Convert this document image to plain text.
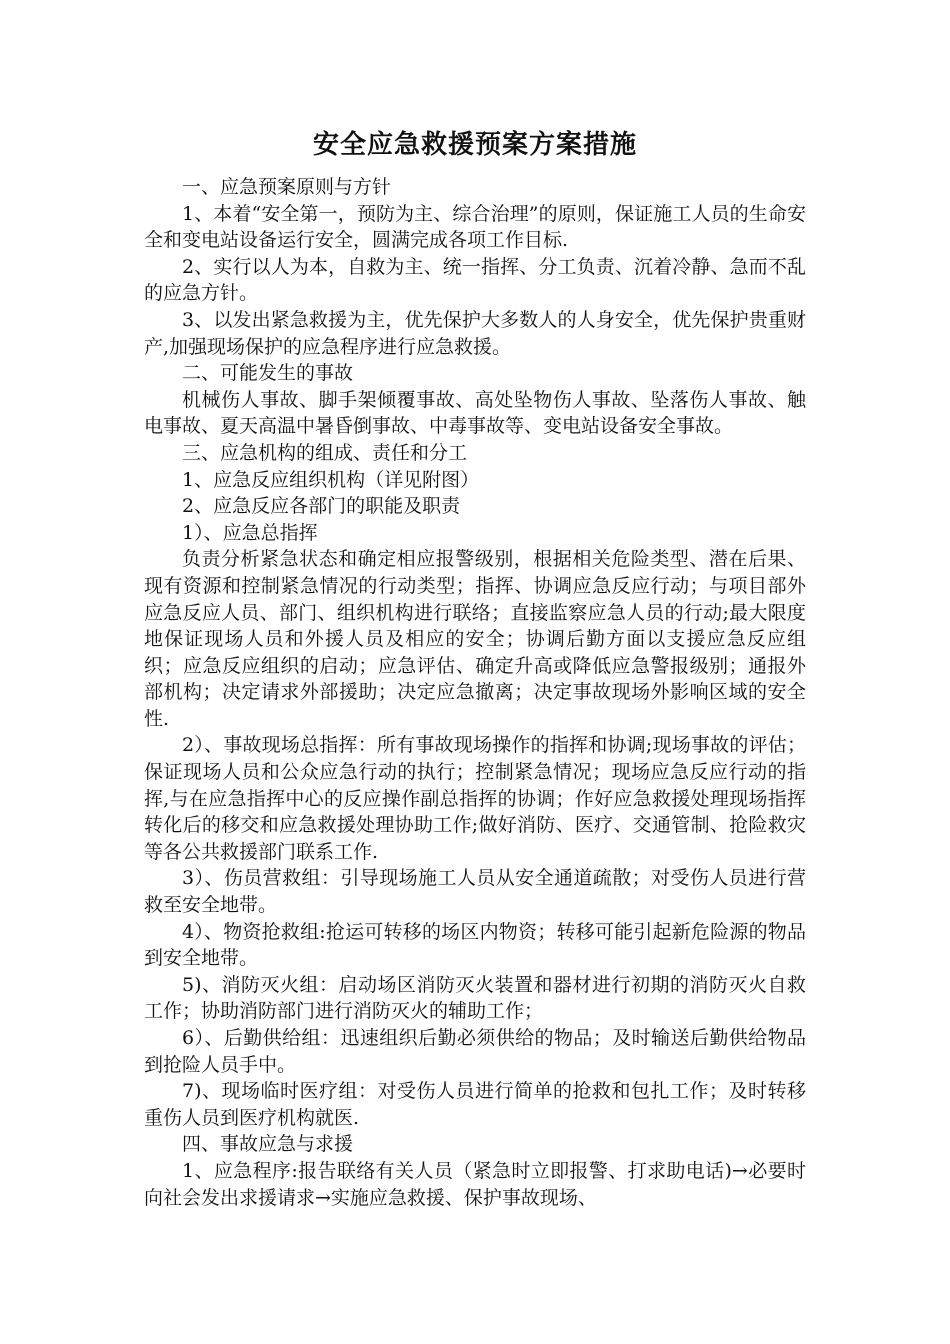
安全应急救援预案方案措施

一、应急预案原则与方针

1、本着“安全第一，预防为主、综合治理”的原则，保证施工人员的生命安全和变电站设备运行安全，圆满完成各项工作目标.

2、实行以人为本，自救为主、统一指挥、分工负责、沉着冷静、急而不乱的应急方针。

3、以发出紧急救援为主，优先保护大多数人的人身安全，优先保护贵重财产,加强现场保护的应急程序进行应急救援。

二、可能发生的事故

机械伤人事故、脚手架倾覆事故、高处坠物伤人事故、坠落伤人事故、触电事故、夏天高温中暑昏倒事故、中毒事故等、变电站设备安全事故。

三、应急机构的组成、责任和分工

1、应急反应组织机构（详见附图）

2、应急反应各部门的职能及职责

1）、应急总指挥

负责分析紧急状态和确定相应报警级别，根据相关危险类型、潜在后果、现有资源和控制紧急情况的行动类型；指挥、协调应急反应行动；与项目部外应急反应人员、部门、组织机构进行联络；直接监察应急人员的行动;最大限度地保证现场人员和外援人员及相应的安全；协调后勤方面以支援应急反应组织；应急反应组织的启动；应急评估、确定升高或降低应急警报级别；通报外部机构；决定请求外部援助；决定应急撤离；决定事故现场外影响区域的安全性.

2）、事故现场总指挥：所有事故现场操作的指挥和协调;现场事故的评估；保证现场人员和公众应急行动的执行；控制紧急情况；现场应急反应行动的指挥,与在应急指挥中心的反应操作副总指挥的协调；作好应急救援处理现场指挥转化后的移交和应急救援处理协助工作;做好消防、医疗、交通管制、抢险救灾等各公共救援部门联系工作.

3）、伤员营救组：引导现场施工人员从安全通道疏散；对受伤人员进行营救至安全地带。

4）、物资抢救组:抢运可转移的场区内物资；转移可能引起新危险源的物品到安全地带。

5)、消防灭火组：启动场区消防灭火装置和器材进行初期的消防灭火自救工作；协助消防部门进行消防灭火的辅助工作；

6）、后勤供给组：迅速组织后勤必须供给的物品；及时输送后勤供给物品到抢险人员手中。

7)、现场临时医疗组：对受伤人员进行简单的抢救和包扎工作；及时转移重伤人员到医疗机构就医.

四、事故应急与求援

1、应急程序:报告联络有关人员（紧急时立即报警、打求助电话)→必要时向社会发出求援请求→实施应急救援、保护事故现场、
